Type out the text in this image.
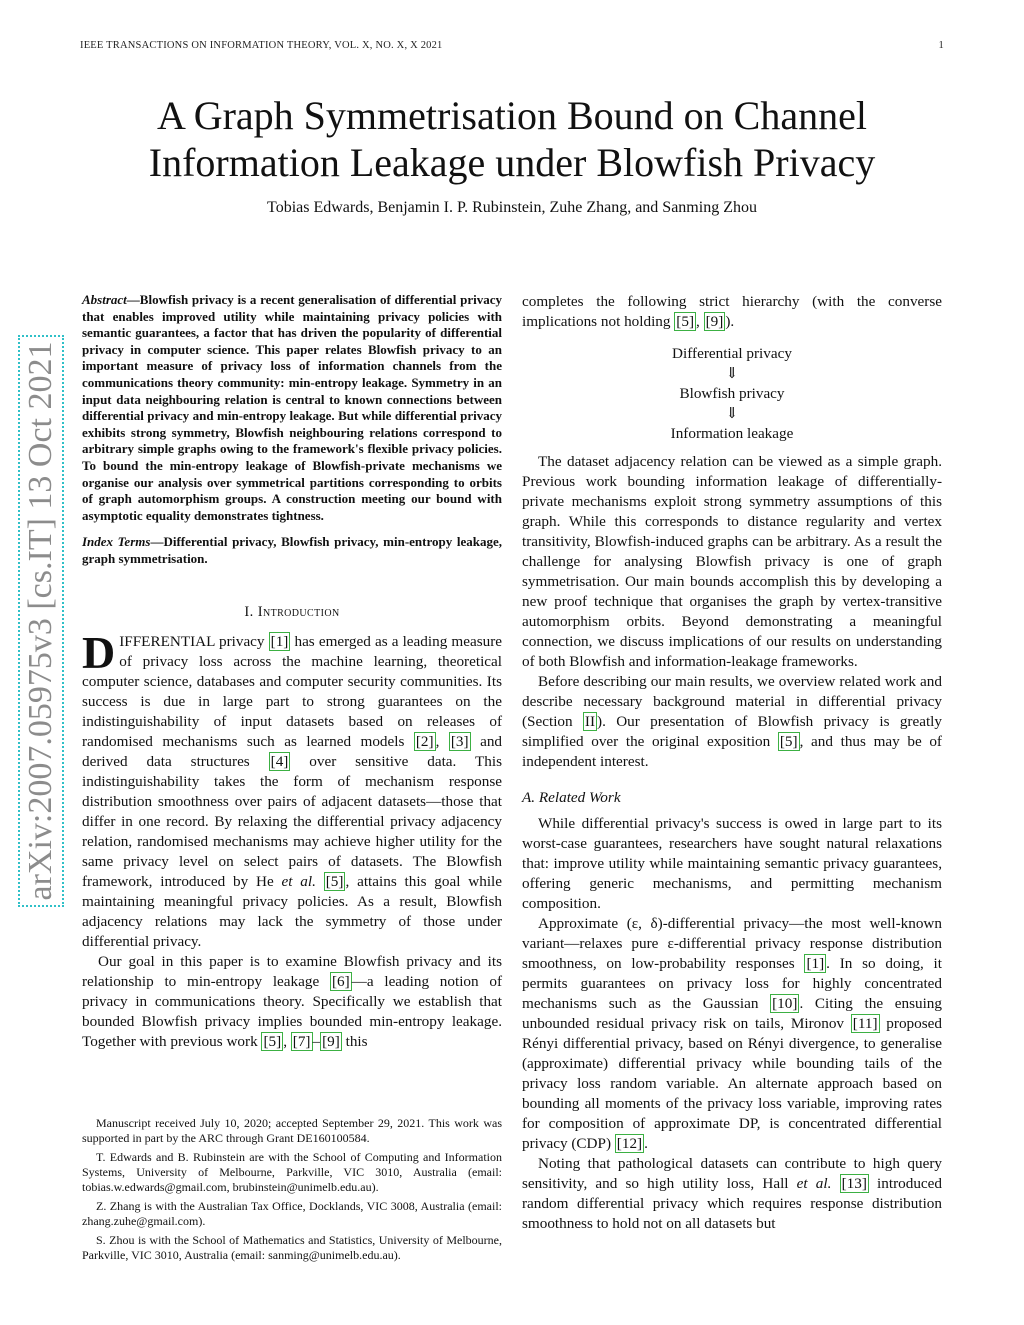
IEEE TRANSACTIONS ON INFORMATION THEORY, VOL. X, NO. X, X 2021	1
arXiv:2007.05975v3 [cs.IT] 13 Oct 2021
A Graph Symmetrisation Bound on Channel
Information Leakage under Blowfish Privacy
Tobias Edwards, Benjamin I. P. Rubinstein, Zuhe Zhang, and Sanming Zhou
Abstract—Blowfish privacy is a recent generalisation of differential privacy that enables improved utility while maintaining privacy policies with semantic guarantees, a factor that has driven the popularity of differential privacy in computer science. This paper relates Blowfish privacy to an important measure of privacy loss of information channels from the communications theory community: min-entropy leakage. Symmetry in an input data neighbouring relation is central to known connections between differential privacy and min-entropy leakage. But while differential privacy exhibits strong symmetry, Blowfish neighbouring relations correspond to arbitrary simple graphs owing to the framework's flexible privacy policies. To bound the min-entropy leakage of Blowfish-private mechanisms we organise our analysis over symmetrical partitions corresponding to orbits of graph automorphism groups. A construction meeting our bound with asymptotic equality demonstrates tightness.
Index Terms—Differential privacy, Blowfish privacy, min-entropy leakage, graph symmetrisation.
I. Introduction

DIFFERENTIAL privacy [1] has emerged as a leading measure of privacy loss across the machine learning, theoretical computer science, databases and computer security communities. Its success is due in large part to strong guarantees on the indistinguishability of input datasets based on releases of randomised mechanisms such as learned models [2] , [3] and derived data structures [4] over sensitive data. This indistinguishability takes the form of mechanism response distribution smoothness over pairs of adjacent datasets—those that differ in one record. By relaxing the differential privacy adjacency relation, randomised mechanisms may achieve higher utility for the same privacy level on select pairs of datasets. The Blowfish framework, introduced by He et al. [5] , attains this goal while maintaining meaningful privacy policies. As a result, Blowfish adjacency relations may lack the symmetry of those under differential privacy.

Our goal in this paper is to examine Blowfish privacy and its relationship to min-entropy leakage [6] —a leading notion of privacy in communications theory. Specifically we establish that bounded Blowfish privacy implies bounded min-entropy leakage. Together with previous work [5] , [7] – [9] this

Manuscript received July 10, 2020; accepted September 29, 2021. This work was supported in part by the ARC through Grant DE160100584.

T. Edwards and B. Rubinstein are with the School of Computing and Information Systems, University of Melbourne, Parkville, VIC 3010, Australia (email: tobias.w.edwards@gmail.com, brubinstein@unimelb.edu.au).

Z. Zhang is with the Australian Tax Office, Docklands, VIC 3008, Australia (email: zhang.zuhe@gmail.com).

S. Zhou is with the School of Mathematics and Statistics, University of Melbourne, Parkville, VIC 3010, Australia (email: sanming@unimelb.edu.au).

completes the following strict hierarchy (with the converse implications not holding [5] , [9] ).

Differential privacy
⇓
Blowfish privacy
⇓
Information leakage

The dataset adjacency relation can be viewed as a simple graph. Previous work bounding information leakage of differentially-private mechanisms exploit strong symmetry assumptions of this graph. While this corresponds to distance regularity and vertex transitivity, Blowfish-induced graphs can be arbitrary. As a result the challenge for analysing Blowfish privacy is one of graph symmetrisation. Our main bounds accomplish this by developing a new proof technique that organises the graph by vertex-transitive automorphism orbits. Beyond demonstrating a meaningful connection, we discuss implications of our results on understanding of both Blowfish and information-leakage frameworks.

Before describing our main results, we overview related work and describe necessary background material in differential privacy (Section II ). Our presentation of Blowfish privacy is greatly simplified over the original exposition [5] , and thus may be of independent interest.

A. Related Work

While differential privacy's success is owed in large part to its worst-case guarantees, researchers have sought natural relaxations that: improve utility while maintaining semantic privacy guarantees, offering generic mechanisms, and permitting mechanism composition.

Approximate (ε, δ)-differential privacy—the most well-known variant—relaxes pure ε-differential privacy response distribution smoothness, on low-probability responses [1] . In so doing, it permits guarantees on privacy loss for highly concentrated mechanisms such as the Gaussian [10] . Citing the ensuing unbounded residual privacy risk on tails, Mironov [11] proposed Rényi differential privacy, based on Rényi divergence, to generalise (approximate) differential privacy while bounding tails of the privacy loss random variable. An alternate approach based on bounding all moments of the privacy loss variable, improving rates for composition of approximate DP, is concentrated differential privacy (CDP) [12] .

Noting that pathological datasets can contribute to high query sensitivity, and so high utility loss, Hall et al. [13] introduced random differential privacy which requires response distribution smoothness to hold not on all datasets but
